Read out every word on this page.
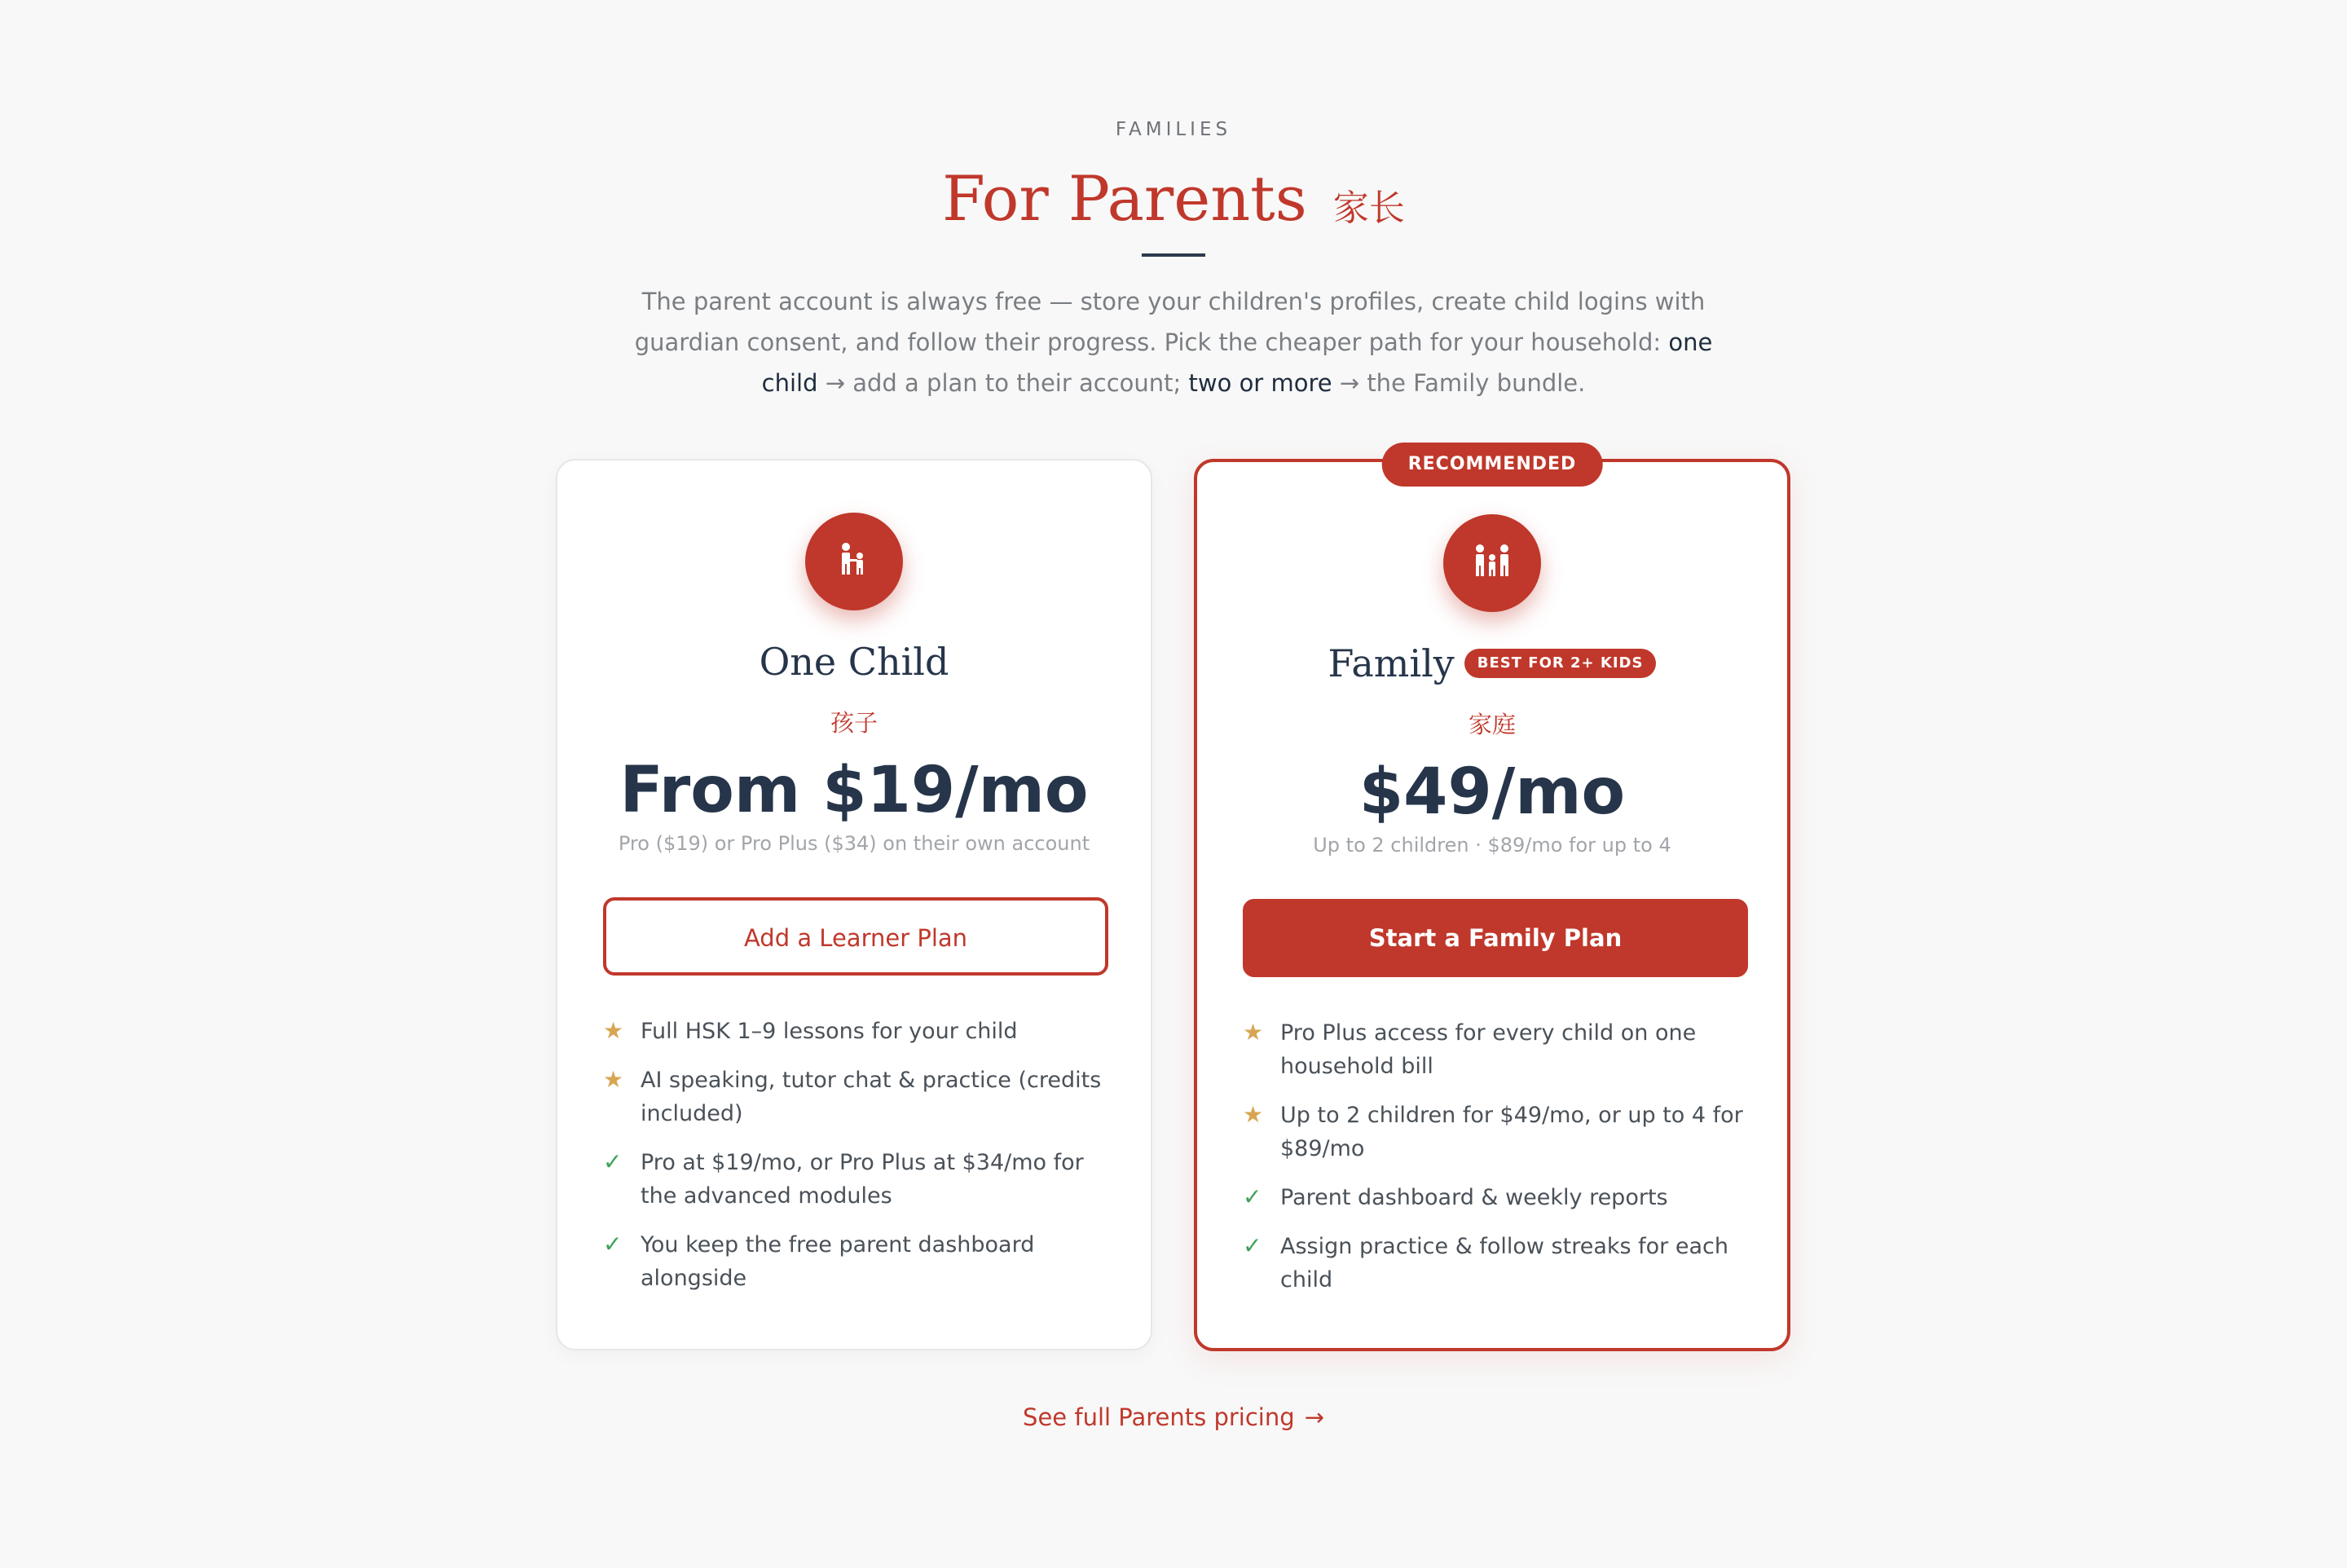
FAMILIES
For Parents 家长
The parent account is always free — store your children's profiles, create child logins with guardian consent, and follow their progress. Pick the cheaper path for your household: one child → add a plan to their account; two or more → the Family bundle.
One Child
孩子
From $19/mo
Pro ($19) or Pro Plus ($34) on their own account
Add a Learner Plan
★ Full HSK 1–9 lessons for your child
★ AI speaking, tutor chat & practice (credits included)
✓ Pro at $19/mo, or Pro Plus at $34/mo for the advanced modules
✓ You keep the free parent dashboard alongside
RECOMMENDED
Family BEST FOR 2+ KIDS
家庭
$49/mo
Up to 2 children · $89/mo for up to 4
Start a Family Plan
★ Pro Plus access for every child on one household bill
★ Up to 2 children for $49/mo, or up to 4 for $89/mo
✓ Parent dashboard & weekly reports
✓ Assign practice & follow streaks for each child
See full Parents pricing →
